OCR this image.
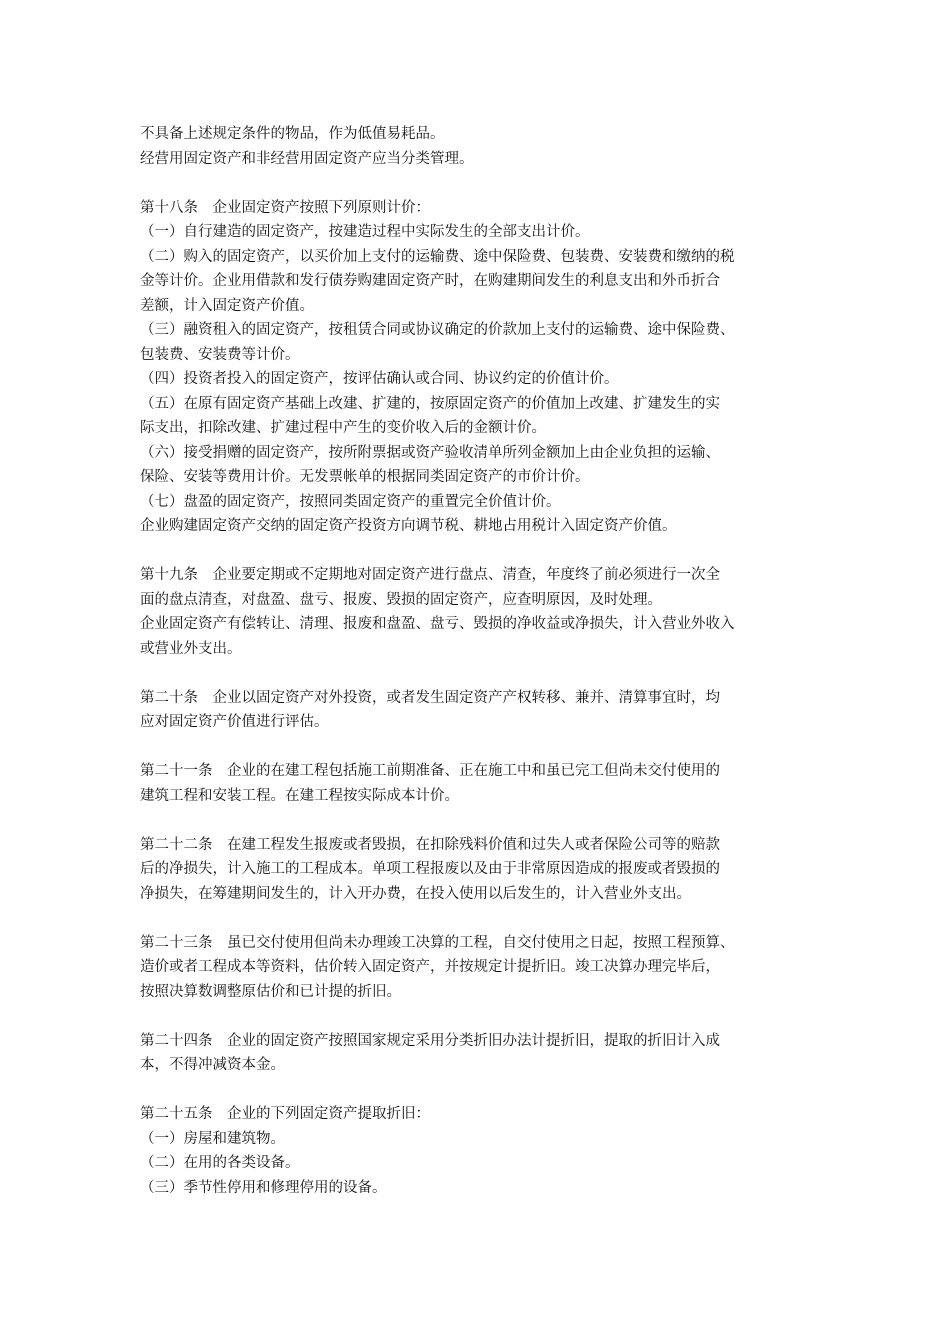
不具备上述规定条件的物品，作为低值易耗品。
经营用固定资产和非经营用固定资产应当分类管理。
第十八条　企业固定资产按照下列原则计价：
（一）自行建造的固定资产，按建造过程中实际发生的全部支出计价。
（二）购入的固定资产，以买价加上支付的运输费、途中保险费、包装费、安装费和缴纳的税
金等计价。企业用借款和发行债券购建固定资产时，在购建期间发生的利息支出和外币折合
差额，计入固定资产价值。
（三）融资租入的固定资产，按租赁合同或协议确定的价款加上支付的运输费、途中保险费、
包装费、安装费等计价。
（四）投资者投入的固定资产，按评估确认或合同、协议约定的价值计价。
（五）在原有固定资产基础上改建、扩建的，按原固定资产的价值加上改建、扩建发生的实
际支出，扣除改建、扩建过程中产生的变价收入后的金额计价。
（六）接受捐赠的固定资产，按所附票据或资产验收清单所列金额加上由企业负担的运输、
保险、安装等费用计价。无发票帐单的根据同类固定资产的市价计价。
（七）盘盈的固定资产，按照同类固定资产的重置完全价值计价。
企业购建固定资产交纳的固定资产投资方向调节税、耕地占用税计入固定资产价值。
第十九条　企业要定期或不定期地对固定资产进行盘点、清查，年度终了前必须进行一次全
面的盘点清查，对盘盈、盘亏、报废、毁损的固定资产，应查明原因，及时处理。
企业固定资产有偿转让、清理、报废和盘盈、盘亏、毁损的净收益或净损失，计入营业外收入
或营业外支出。
第二十条　企业以固定资产对外投资，或者发生固定资产产权转移、兼并、清算事宜时，均
应对固定资产价值进行评估。
第二十一条　企业的在建工程包括施工前期准备、正在施工中和虽已完工但尚未交付使用的
建筑工程和安装工程。在建工程按实际成本计价。
第二十二条　在建工程发生报废或者毁损，在扣除残料价值和过失人或者保险公司等的赔款
后的净损失，计入施工的工程成本。单项工程报废以及由于非常原因造成的报废或者毁损的
净损失，在筹建期间发生的，计入开办费，在投入使用以后发生的，计入营业外支出。
第二十三条　虽已交付使用但尚未办理竣工决算的工程，自交付使用之日起，按照工程预算、
造价或者工程成本等资料，估价转入固定资产，并按规定计提折旧。竣工决算办理完毕后，
按照决算数调整原估价和已计提的折旧。
第二十四条　企业的固定资产按照国家规定采用分类折旧办法计提折旧，提取的折旧计入成
本，不得冲减资本金。
第二十五条　企业的下列固定资产提取折旧：
（一）房屋和建筑物。
（二）在用的各类设备。
（三）季节性停用和修理停用的设备。
